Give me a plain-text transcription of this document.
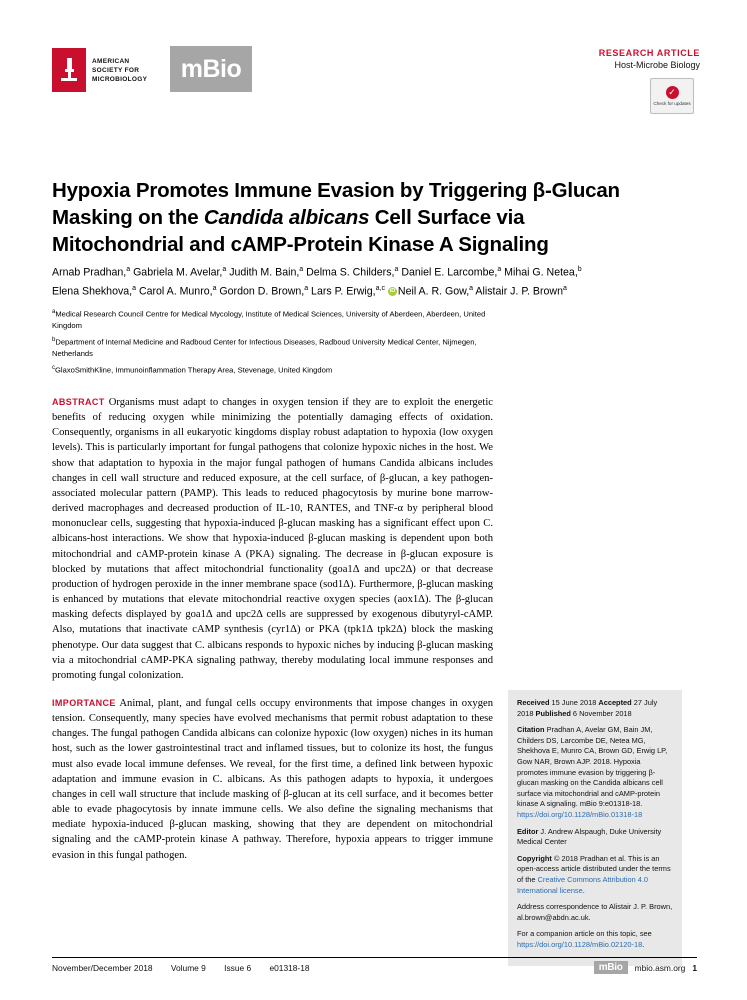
AMERICAN
SOCIETY FOR
MICROBIOLOGY mBio
RESEARCH ARTICLE
Host-Microbe Biology
✓
Check for updates
Hypoxia Promotes Immune Evasion by Triggering β-Glucan
Masking on the Candida albicans Cell Surface via
Mitochondrial and cAMP-Protein Kinase A Signaling
Arnab Pradhan,$^a$ Gabriela M. Avelar,$^a$ Judith M. Bain,$^a$ Delma S. Childers,$^a$ Daniel E. Larcombe,$^a$ Mihai G. Netea,$^b$
Elena Shekhova,$^a$ Carol A. Munro,$^a$ Gordon D. Brown,$^a$ Lars P. Erwig,$^{a,c}$ iD Neil A. R. Gow,$^a$ Alistair J. P. Brown$^a$

$^a$Medical Research Council Centre for Medical Mycology, Institute of Medical Sciences, University of Aberdeen, Aberdeen, United Kingdom

$^b$Department of Internal Medicine and Radboud Center for Infectious Diseases, Radboud University Medical Center, Nijmegen, Netherlands

$^c$GlaxoSmithKline, Immunoinflammation Therapy Area, Stevenage, United Kingdom

ABSTRACT Organisms must adapt to changes in oxygen tension if they are to exploit the energetic benefits of reducing oxygen while minimizing the potentially damaging effects of oxidation. Consequently, organisms in all eukaryotic kingdoms display robust adaptation to hypoxia (low oxygen levels). This is particularly important for fungal pathogens that colonize hypoxic niches in the host. We show that adaptation to hypoxia in the major fungal pathogen of humans Candida albicans includes changes in cell wall structure and reduced exposure, at the cell surface, of β-glucan, a key pathogen-associated molecular pattern (PAMP). This leads to reduced phagocytosis by murine bone marrow-derived macrophages and decreased production of IL-10, RANTES, and TNF-α by peripheral blood mononuclear cells, suggesting that hypoxia-induced β-glucan masking has a significant effect upon C. albicans-host interactions. We show that hypoxia-induced β-glucan masking is dependent upon both mitochondrial and cAMP-protein kinase A (PKA) signaling. The decrease in β-glucan exposure is blocked by mutations that affect mitochondrial functionality (goa1Δ and upc2Δ) or that decrease production of hydrogen peroxide in the inner membrane space (sod1Δ). Furthermore, β-glucan masking is enhanced by mutations that elevate mitochondrial reactive oxygen species (aox1Δ). The β-glucan masking defects displayed by goa1Δ and upc2Δ cells are suppressed by exogenous dibutyryl-cAMP. Also, mutations that inactivate cAMP synthesis (cyr1Δ) or PKA (tpk1Δ tpk2Δ) block the masking phenotype. Our data suggest that C. albicans responds to hypoxic niches by inducing β-glucan masking via a mitochondrial cAMP-PKA signaling pathway, thereby modulating local immune responses and promoting fungal colonization.

IMPORTANCE Animal, plant, and fungal cells occupy environments that impose changes in oxygen tension. Consequently, many species have evolved mechanisms that permit robust adaptation to these changes. The fungal pathogen Candida albicans can colonize hypoxic (low oxygen) niches in its human host, such as the lower gastrointestinal tract and inflamed tissues, but to colonize its host, the fungus must also evade local immune defenses. We reveal, for the first time, a defined link between hypoxic adaptation and immune evasion in C. albicans. As this pathogen adapts to hypoxia, it undergoes changes in cell wall structure that include masking of β-glucan at its cell surface, and it becomes better able to evade phagocytosis by innate immune cells. We also define the signaling mechanisms that mediate hypoxia-induced β-glucan masking, showing that they are dependent on mitochondrial signaling and the cAMP-protein kinase A pathway. Therefore, hypoxia appears to trigger immune evasion in this fungal pathogen.

Received 15 June 2018 Accepted 27 July 2018 Published 6 November 2018

Citation Pradhan A, Avelar GM, Bain JM, Childers DS, Larcombe DE, Netea MG, Shekhova E, Munro CA, Brown GD, Erwig LP, Gow NAR, Brown AJP. 2018. Hypoxia promotes immune evasion by triggering β-glucan masking on the Candida albicans cell surface via mitochondrial and cAMP-protein kinase A signaling. mBio 9:e01318-18. https://doi.org/10.1128/mBio.01318-18

Editor J. Andrew Alspaugh, Duke University Medical Center

Copyright © 2018 Pradhan et al. This is an open-access article distributed under the terms of the Creative Commons Attribution 4.0 International license.

Address correspondence to Alistair J. P. Brown, al.brown@abdn.ac.uk.

For a companion article on this topic, see https://doi.org/10.1128/mBio.02120-18.

November/December 2018 Volume 9 Issue 6 e01318-18	mBio	mbio.asm.org 1
